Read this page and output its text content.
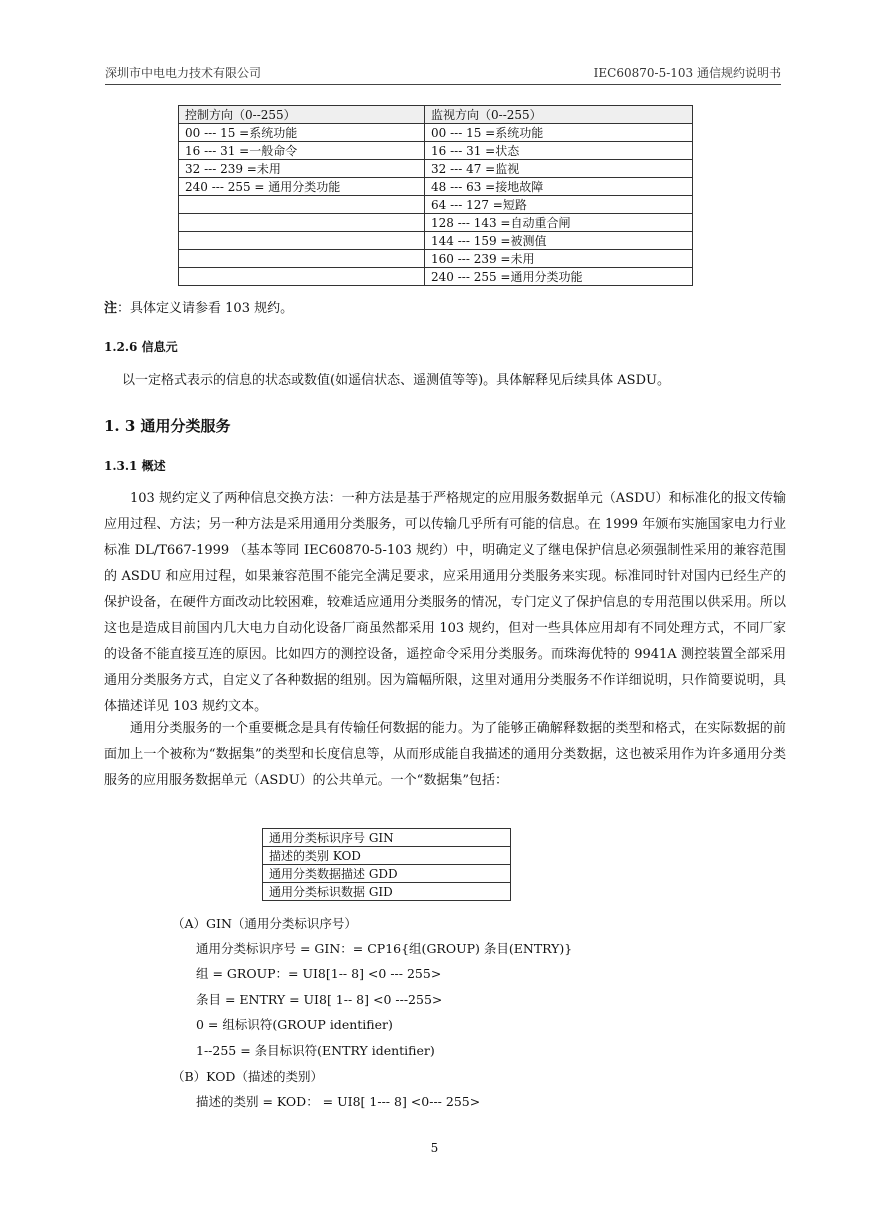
深圳市中电电力技术有限公司	IEC60870-5-103 通信规约说明书
控制方向（0--255）	监视方向（0--255）
00 --- 15 =系统功能	00 --- 15 =系统功能
16 --- 31 =一般命令	16 --- 31 =状态
32 --- 239 =未用	32 --- 47 =监视
240 --- 255 = 通用分类功能	48 --- 63 =接地故障
	64 --- 127 =短路
	128 --- 143 =自动重合闸
	144 --- 159 =被测值
	160 --- 239 =未用
	240 --- 255 =通用分类功能
注：具体定义请参看 103 规约。
1.2.6 信息元
以一定格式表示的信息的状态或数值(如遥信状态、遥测值等等)。具体解释见后续具体 ASDU。
1. 3 通用分类服务
1.3.1 概述
103 规约定义了两种信息交换方法：一种方法是基于严格规定的应用服务数据单元（ASDU）和标准化的报文传输应用过程、方法；另一种方法是采用通用分类服务，可以传输几乎所有可能的信息。在 1999 年颁布实施国家电力行业标准 DL/T667-1999 （基本等同 IEC60870-5-103 规约）中，明确定义了继电保护信息必须强制性采用的兼容范围的 ASDU 和应用过程，如果兼容范围不能完全满足要求，应采用通用分类服务来实现。标准同时针对国内已经生产的保护设备，在硬件方面改动比较困难，较难适应通用分类服务的情况，专门定义了保护信息的专用范围以供采用。所以这也是造成目前国内几大电力自动化设备厂商虽然都采用 103 规约，但对一些具体应用却有不同处理方式，不同厂家的设备不能直接互连的原因。比如四方的测控设备，遥控命令采用分类服务。而珠海优特的 9941A 测控装置全部采用通用分类服务方式，自定义了各种数据的组别。因为篇幅所限，这里对通用分类服务不作详细说明，只作简要说明，具体描述详见 103 规约文本。
通用分类服务的一个重要概念是具有传输任何数据的能力。为了能够正确解释数据的类型和格式，在实际数据的前面加上一个被称为“数据集”的类型和长度信息等，从而形成能自我描述的通用分类数据，这也被采用作为许多通用分类服务的应用服务数据单元（ASDU）的公共单元。一个“数据集”包括：
通用分类标识序号 GIN
描述的类别 KOD
通用分类数据描述 GDD
通用分类标识数据 GID
（A）GIN（通用分类标识序号）
通用分类标识序号 = GIN：= CP16{组(GROUP) 条目(ENTRY)}
组 = GROUP：= UI8[1-- 8] <0 --- 255>
条目 = ENTRY = UI8[ 1-- 8] <0 ---255>
0 = 组标识符(GROUP identifier)
1--255 = 条目标识符(ENTRY identifier)
（B）KOD（描述的类别）
描述的类别 = KOD： = UI8[ 1--- 8] <0--- 255>
5
